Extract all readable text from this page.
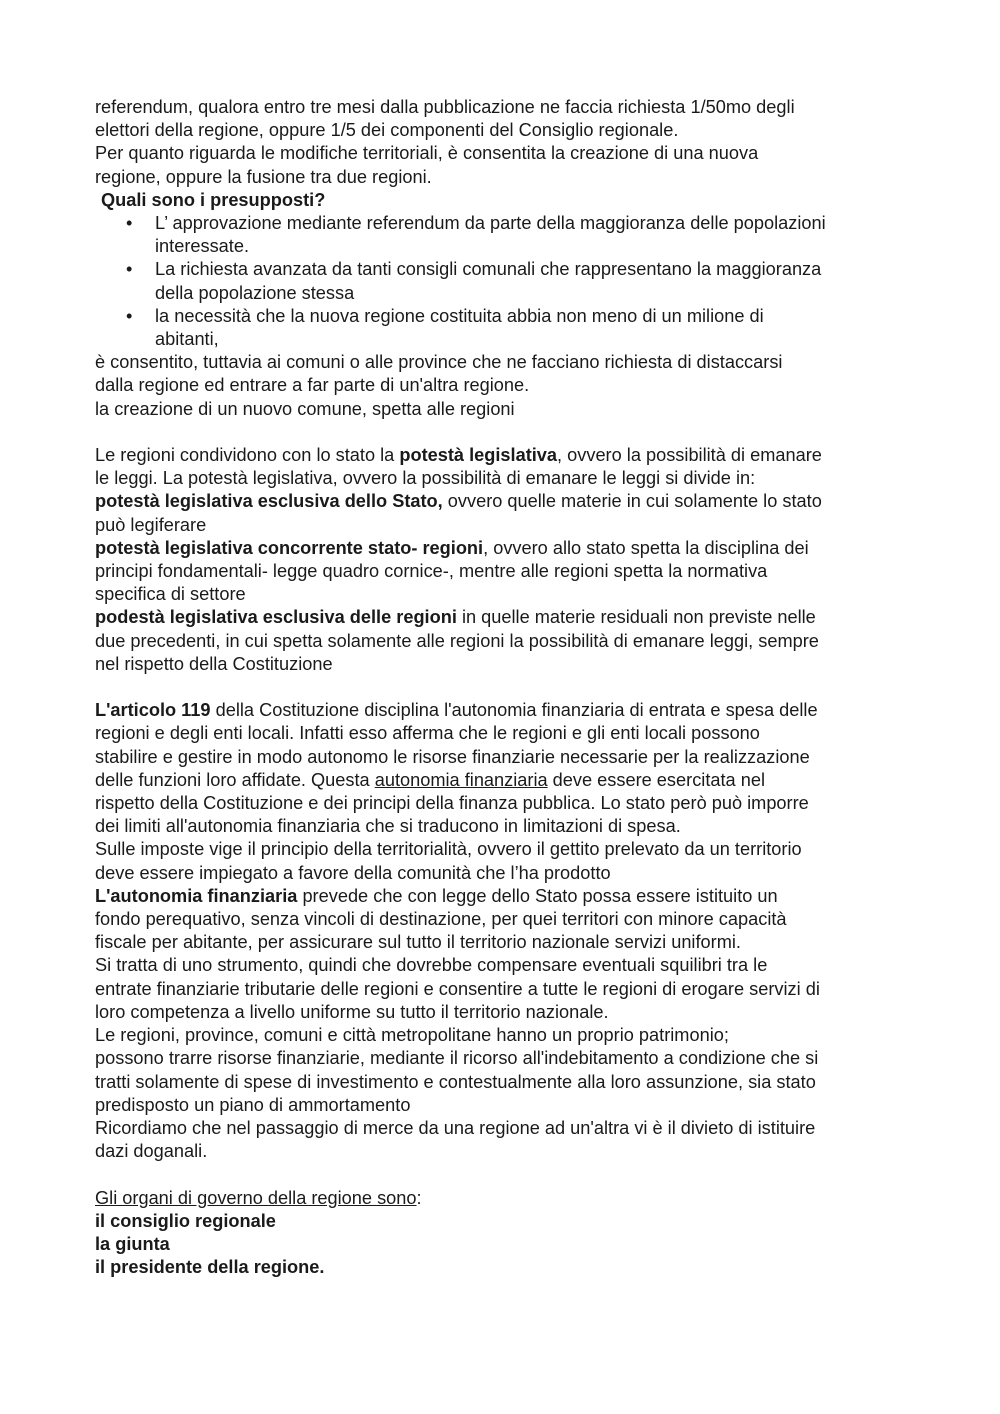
referendum, qualora entro tre mesi dalla pubblicazione ne faccia richiesta 1/50mo degli
elettori della regione, oppure 1/5 dei componenti del Consiglio regionale.
Per quanto riguarda le modifiche territoriali, è consentita la creazione di una nuova
regione, oppure la fusione tra due regioni.
Quali sono i presupposti?
• L’ approvazione mediante referendum da parte della maggioranza delle popolazioni
interessate.
• La richiesta avanzata da tanti consigli comunali che rappresentano la maggioranza
della popolazione stessa
• la necessità che la nuova regione costituita abbia non meno di un milione di
abitanti,
è consentito, tuttavia ai comuni o alle province che ne facciano richiesta di distaccarsi
dalla regione ed entrare a far parte di un'altra regione.
la creazione di un nuovo comune, spetta alle regioni
Le regioni condividono con lo stato la potestà legislativa, ovvero la possibilità di emanare
le leggi. La potestà legislativa, ovvero la possibilità di emanare le leggi si divide in:
potestà legislativa esclusiva dello Stato, ovvero quelle materie in cui solamente lo stato
può legiferare
potestà legislativa concorrente stato- regioni, ovvero allo stato spetta la disciplina dei
principi fondamentali- legge quadro cornice-, mentre alle regioni spetta la normativa
specifica di settore
podestà legislativa esclusiva delle regioni in quelle materie residuali non previste nelle
due precedenti, in cui spetta solamente alle regioni la possibilità di emanare leggi, sempre
nel rispetto della Costituzione
L'articolo 119 della Costituzione disciplina l'autonomia finanziaria di entrata e spesa delle
regioni e degli enti locali. Infatti esso afferma che le regioni e gli enti locali possono
stabilire e gestire in modo autonomo le risorse finanziarie necessarie per la realizzazione
delle funzioni loro affidate. Questa autonomia finanziaria deve essere esercitata nel
rispetto della Costituzione e dei principi della finanza pubblica. Lo stato però può imporre
dei limiti all'autonomia finanziaria che si traducono in limitazioni di spesa.
Sulle imposte vige il principio della territorialità, ovvero il gettito prelevato da un territorio
deve essere impiegato a favore della comunità che l’ha prodotto
L'autonomia finanziaria prevede che con legge dello Stato possa essere istituito un
fondo perequativo, senza vincoli di destinazione, per quei territori con minore capacità
fiscale per abitante, per assicurare sul tutto il territorio nazionale servizi uniformi.
Si tratta di uno strumento, quindi che dovrebbe compensare eventuali squilibri tra le
entrate finanziarie tributarie delle regioni e consentire a tutte le regioni di erogare servizi di
loro competenza a livello uniforme su tutto il territorio nazionale.
Le regioni, province, comuni e città metropolitane hanno un proprio patrimonio;
possono trarre risorse finanziarie, mediante il ricorso all'indebitamento a condizione che si
tratti solamente di spese di investimento e contestualmente alla loro assunzione, sia stato
predisposto un piano di ammortamento
Ricordiamo che nel passaggio di merce da una regione ad un'altra vi è il divieto di istituire
dazi doganali.
Gli organi di governo della regione sono:
il consiglio regionale
la giunta
il presidente della regione.
